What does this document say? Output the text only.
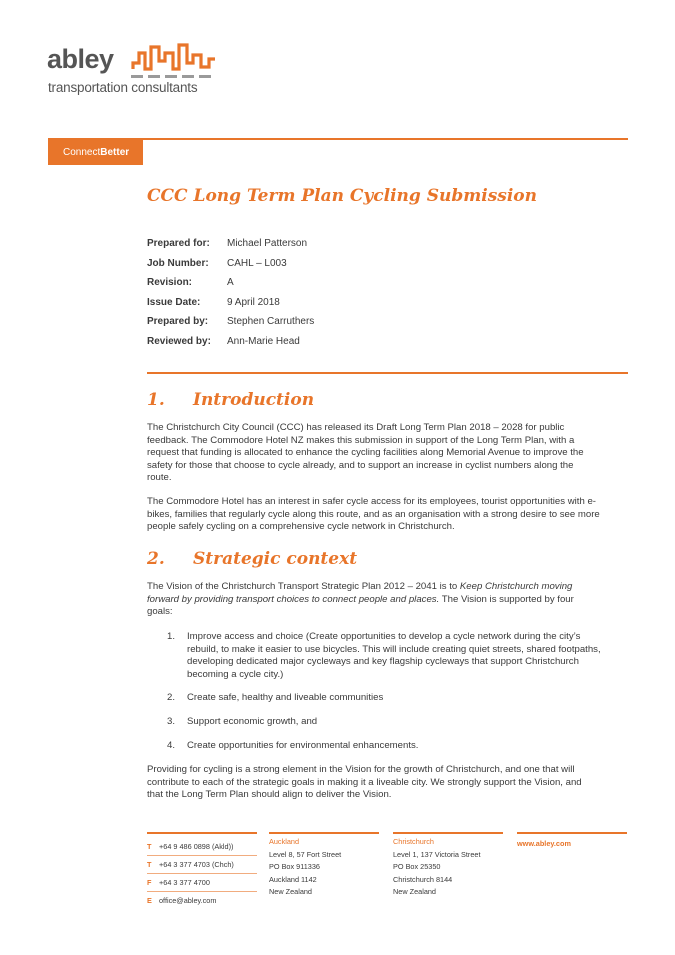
abley
transportation consultants
ConnectBetter
CCC Long Term Plan Cycling Submission
Prepared for:	Michael Patterson
Job Number:	CAHL – L003
Revision:	A
Issue Date:	9 April 2018
Prepared by:	Stephen Carruthers
Reviewed by:	Ann-Marie Head
1. Introduction
The Christchurch City Council (CCC) has released its Draft Long Term Plan 2018 – 2028 for public
feedback. The Commodore Hotel NZ makes this submission in support of the Long Term Plan, with a
request that funding is allocated to enhance the cycling facilities along Memorial Avenue to improve the
safety for those that choose to cycle already, and to support an increase in cyclist numbers along the
route.
The Commodore Hotel has an interest in safer cycle access for its employees, tourist opportunities with e-
bikes, families that regularly cycle along this route, and as an organisation with a strong desire to see more
people safely cycling on a comprehensive cycle network in Christchurch.
2. Strategic context
The Vision of the Christchurch Transport Strategic Plan 2012 – 2041 is to Keep Christchurch moving
forward by providing transport choices to connect people and places. The Vision is supported by four
goals:
1.	Improve access and choice (Create opportunities to develop a cycle network during the city’s
rebuild, to make it easier to use bicycles. This will include creating quiet streets, shared footpaths,
developing dedicated major cycleways and key flagship cycleways that support Christchurch
becoming a cycle city.)
2.	Create safe, healthy and liveable communities
3.	Support economic growth, and
4.	Create opportunities for environmental enhancements.
Providing for cycling is a strong element in the Vision for the growth of Christchurch, and one that will
contribute to each of the strategic goals in making it a liveable city. We strongly support the Vision, and
that the Long Term Plan should align to deliver the Vision.
T +64 9 486 0898 (Akld))
T +64 3 377 4703 (Chch)
F +64 3 377 4700
E office@abley.com
Auckland
Level 8, 57 Fort Street
PO Box 911336
Auckland 1142
New Zealand
Christchurch
Level 1, 137 Victoria Street
PO Box 25350
Christchurch 8144
New Zealand
www.abley.com
